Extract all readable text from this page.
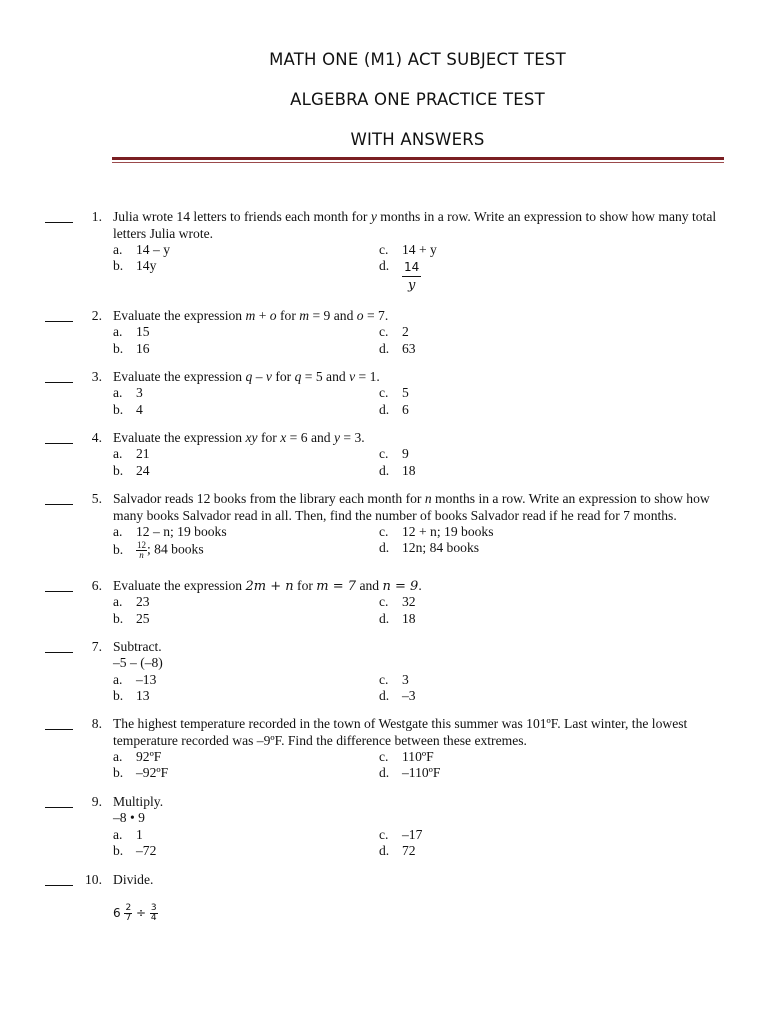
MATH ONE (M1) ACT SUBJECT TEST
ALGEBRA ONE PRACTICE TEST
WITH ANSWERS
1. Julia wrote 14 letters to friends each month for y months in a row. Write an expression to show how many total letters Julia wrote.
a. 14 – y
b. 14y
c. 14 + y
d. $\frac{14}{y}$
2. Evaluate the expression m + o for m = 9 and o = 7.
a. 15
b. 16
c. 2
d. 63
3. Evaluate the expression q – v for q = 5 and v = 1.
a. 3
b. 4
c. 5
d. 6
4. Evaluate the expression xy for x = 6 and y = 3.
a. 21
b. 24
c. 9
d. 18
5. Salvador reads 12 books from the library each month for n months in a row. Write an expression to show how many books Salvador read in all. Then, find the number of books Salvador read if he read for 7 months.
a. 12 – n; 19 books
b. $\frac{12}{n}$ ; 84 books
c. 12 + n; 19 books
d. 12n; 84 books
6. Evaluate the expression 2m + n for m = 7 and n = 9.
a. 23
b. 25
c. 32
d. 18
7. Subtract.
–5 – (–8)
a. –13
b. 13
c. 3
d. –3
8. The highest temperature recorded in the town of Westgate this summer was 101ºF. Last winter, the lowest temperature recorded was –9ºF. Find the difference between these extremes.
a. 92ºF
b. –92ºF
c. 110ºF
d. –110ºF
9. Multiply.
–8 • 9
a. 1
b. –72
c. –17
d. 72
10. Divide.
$6 \frac{2}{7} \div \frac{3}{4}$
